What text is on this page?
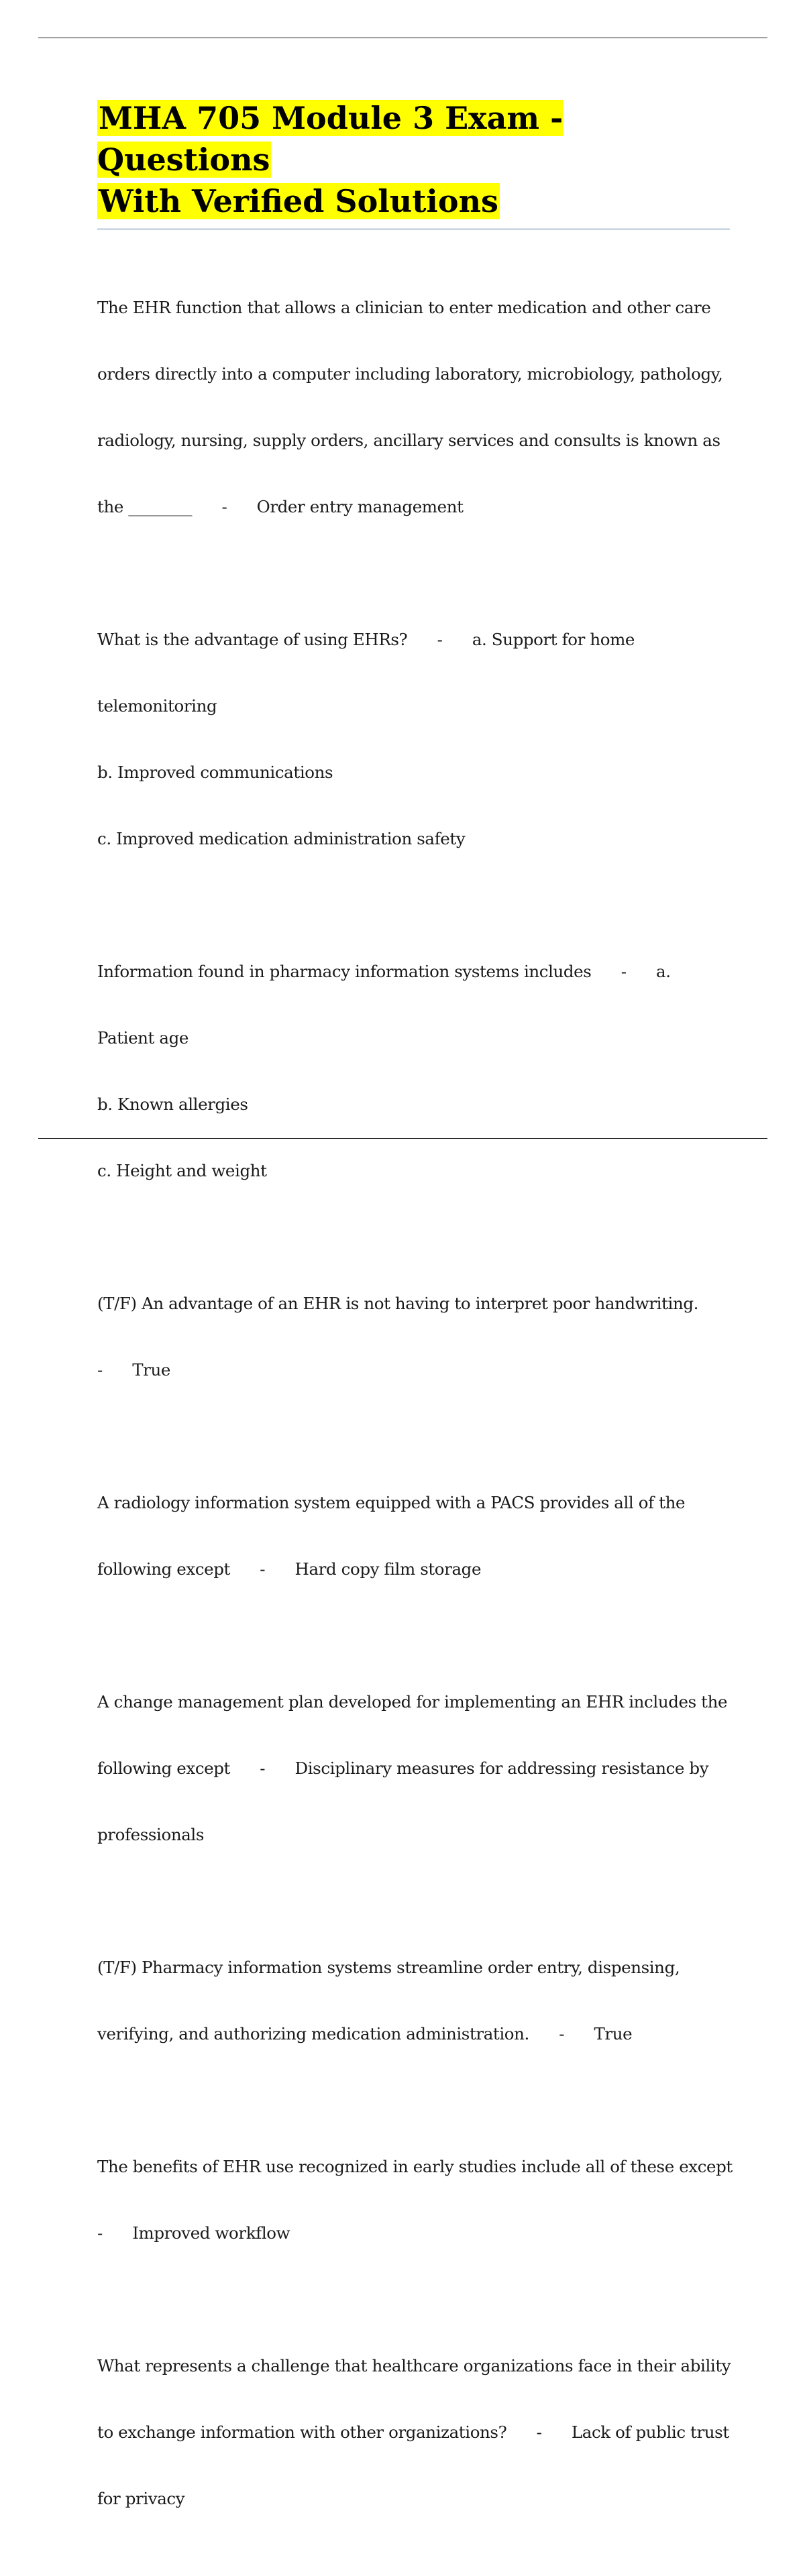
MHA 705 Module 3 Exam - Questions
With Verified Solutions

The EHR function that allows a clinician to enter medication and other care

orders directly into a computer including laboratory, microbiology, pathology,

radiology, nursing, supply orders, ancillary services and consults is known as

the ________      -      Order entry management

What is the advantage of using EHRs?      -      a. Support for home

telemonitoring

b. Improved communications

c. Improved medication administration safety

Information found in pharmacy information systems includes      -      a.

Patient age

b. Known allergies

c. Height and weight

(T/F) An advantage of an EHR is not having to interpret poor handwriting.

-      True

A radiology information system equipped with a PACS provides all of the

following except      -      Hard copy film storage

A change management plan developed for implementing an EHR includes the

following except      -      Disciplinary measures for addressing resistance by

professionals

(T/F) Pharmacy information systems streamline order entry, dispensing,

verifying, and authorizing medication administration.      -      True

The benefits of EHR use recognized in early studies include all of these except

-      Improved workflow

What represents a challenge that healthcare organizations face in their ability

to exchange information with other organizations?      -      Lack of public trust

for privacy
